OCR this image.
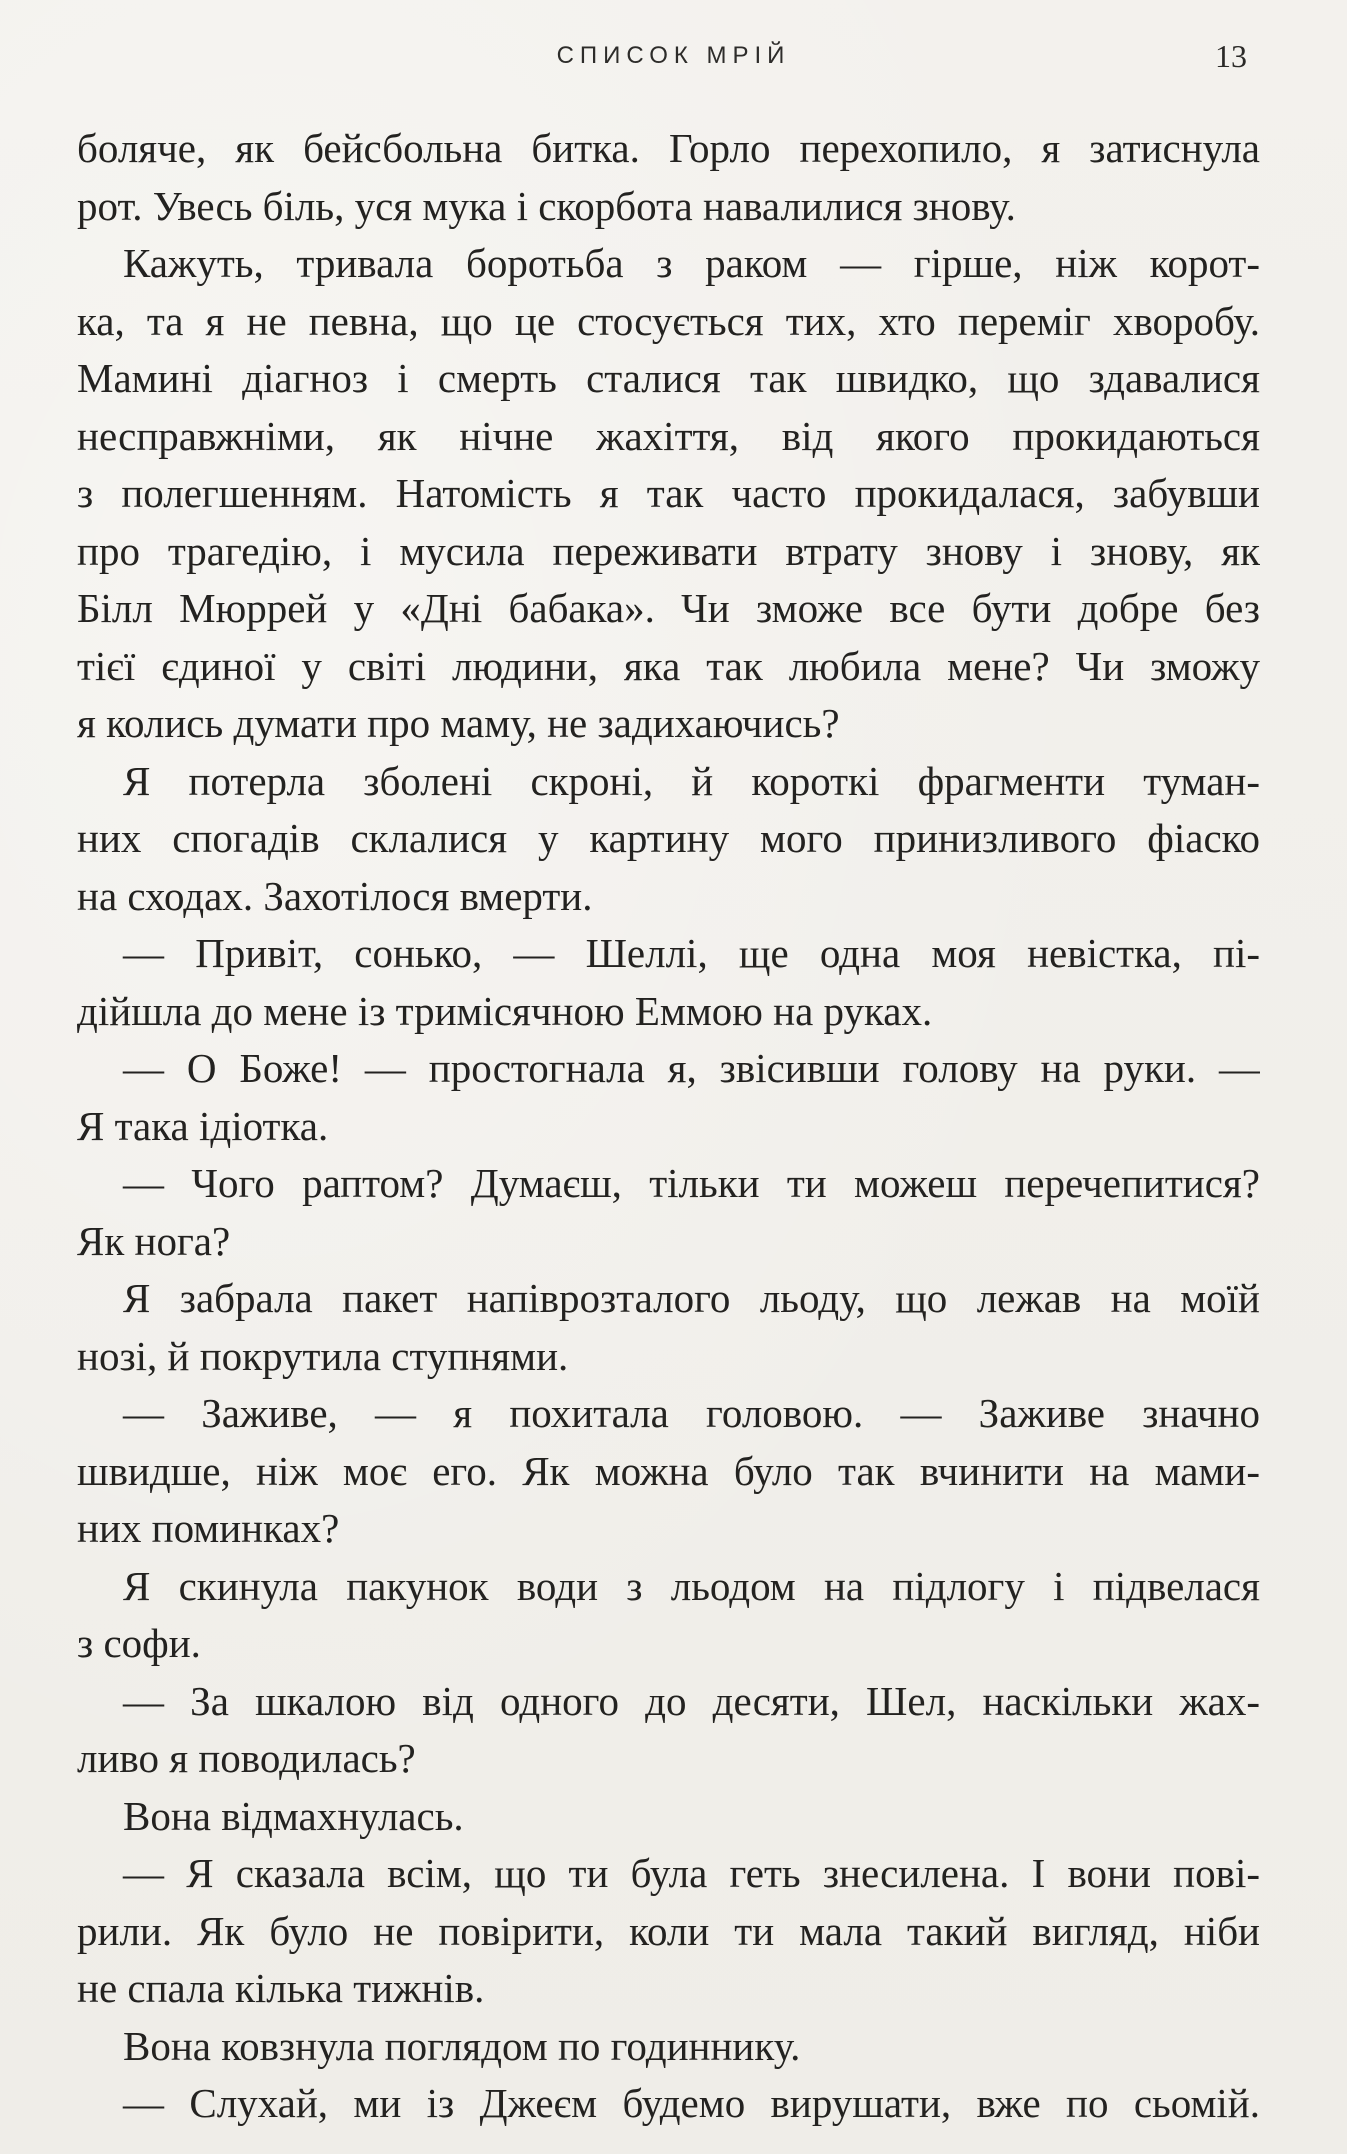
СПИСОК МРІЙ	13
боляче, як бейсбольна битка. Горло перехопило, я затиснула
рот. Увесь біль, уся мука і скорбота навалилися знову.
Кажуть, тривала боротьба з раком — гірше, ніж корот-
ка, та я не певна, що це стосується тих, хто переміг хворобу.
Мамині діагноз і смерть сталися так швидко, що здавалися
несправжніми, як нічне жахіття, від якого прокидаються
з полегшенням. Натомість я так часто прокидалася, забувши
про трагедію, і мусила переживати втрату знову і знову, як
Білл Мюррей у «Дні бабака». Чи зможе все бути добре без
тієї єдиної у світі людини, яка так любила мене? Чи зможу
я колись думати про маму, не задихаючись?
Я потерла зболені скроні, й короткі фрагменти туман-
них спогадів склалися у картину мого принизливого фіаско
на сходах. Захотілося вмерти.
— Привіт, сонько, — Шеллі, ще одна моя невістка, пі-
дійшла до мене із тримісячною Еммою на руках.
— О Боже! — простогнала я, звісивши голову на руки. —
Я така ідіотка.
— Чого раптом? Думаєш, тільки ти можеш перечепитися?
Як нога?
Я забрала пакет напіврозталого льоду, що лежав на моїй
нозі, й покрутила ступнями.
— Заживе, — я похитала головою. — Заживе значно
швидше, ніж моє его. Як можна було так вчинити на мами-
них поминках?
Я скинула пакунок води з льодом на підлогу і підвелася
з софи.
— За шкалою від одного до десяти, Шел, наскільки жах-
ливо я поводилась?
Вона відмахнулась.
— Я сказала всім, що ти була геть знесилена. І вони пові-
рили. Як було не повірити, коли ти мала такий вигляд, ніби
не спала кілька тижнів.
Вона ковзнула поглядом по годиннику.
— Слухай, ми із Джеєм будемо вирушати, вже по сьомій.
